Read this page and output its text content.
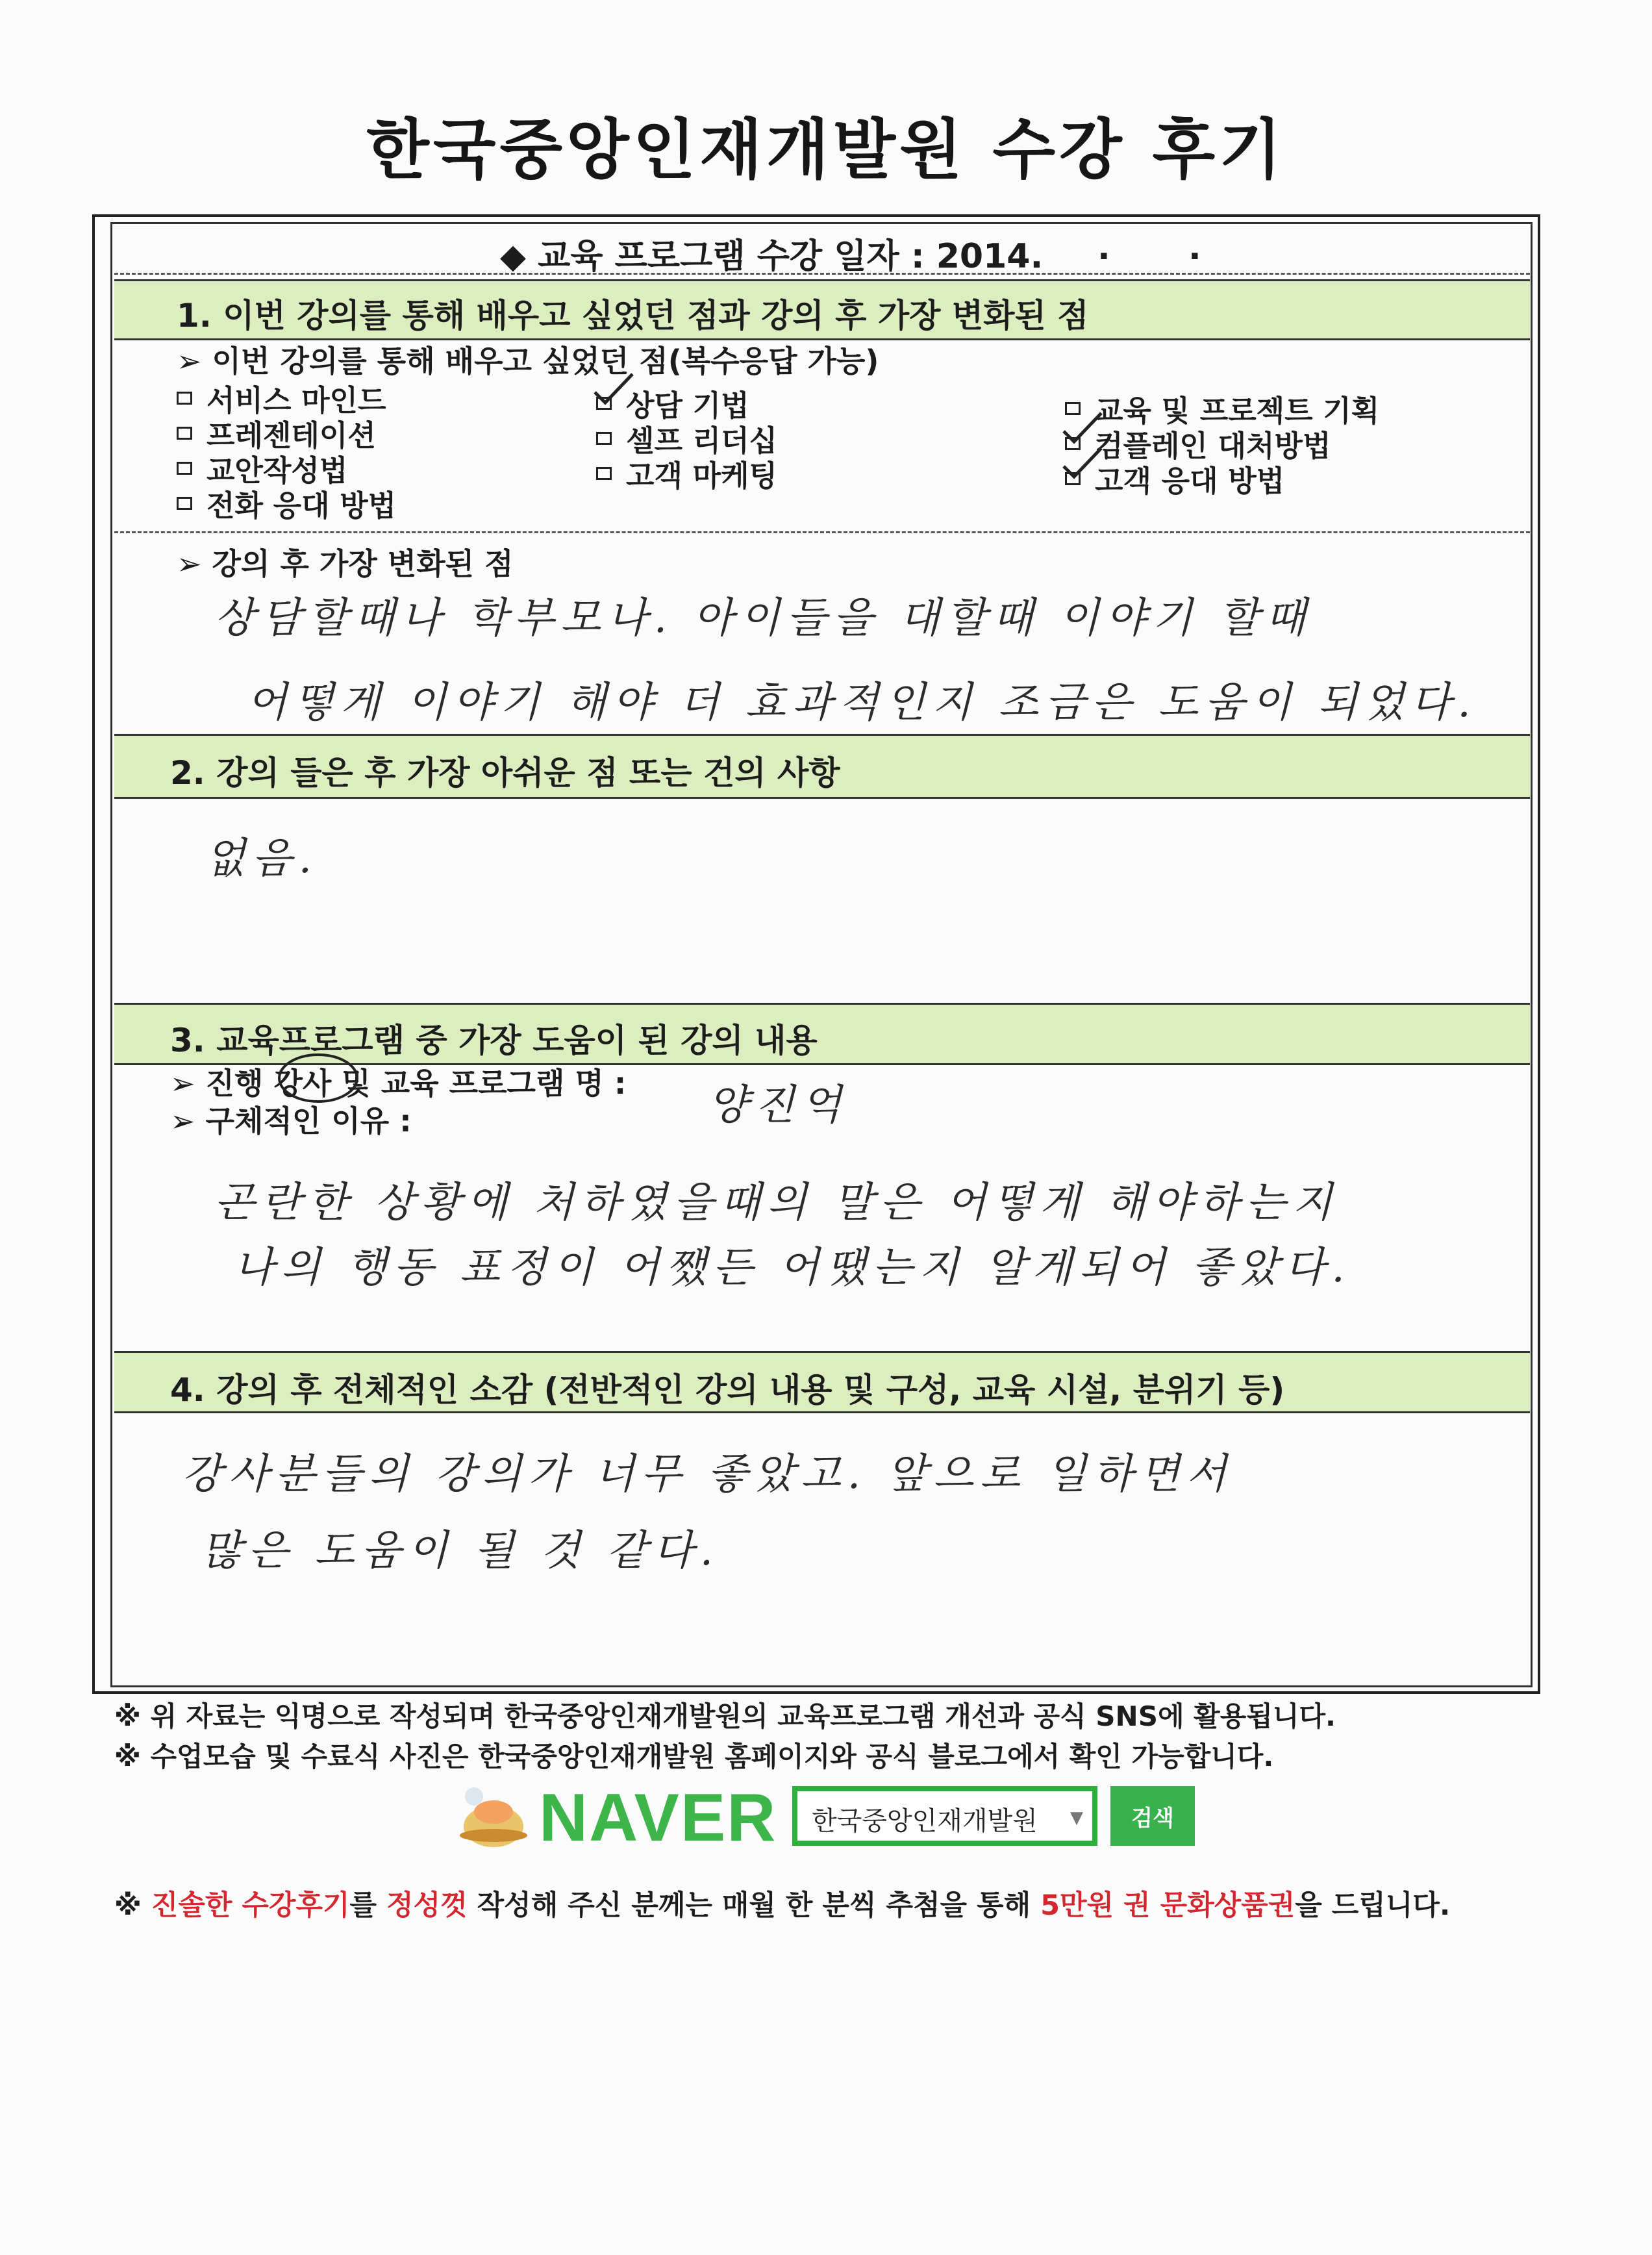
한국중앙인재개발원 수강 후기
◆ 교육 프로그램 수강 일자 : 2014. . .
1. 이번 강의를 통해 배우고 싶었던 점과 강의 후 가장 변화된 점
➢ 이번 강의를 통해 배우고 싶었던 점(복수응답 가능)
서비스 마인드
프레젠테이션
교안작성법
전화 응대 방법
상담 기법
셀프 리더십
고객 마케팅
교육 및 프로젝트 기획
컴플레인 대처방법
고객 응대 방법
➢ 강의 후 가장 변화된 점
상담할때나 학부모나. 아이들을 대할때 이야기 할때
어떻게 이야기 해야 더 효과적인지 조금은 도움이 되었다.
2. 강의 들은 후 가장 아쉬운 점 또는 건의 사항
없음.
3. 교육프로그램 중 가장 도움이 된 강의 내용
➢ 진행 강사 및 교육 프로그램 명 : 양진억
➢ 구체적인 이유 :
곤란한 상황에 처하였을때의 말은 어떻게 해야하는지
나의 행동 표정이 어쨌든 어땠는지 알게되어 좋았다.
4. 강의 후 전체적인 소감 (전반적인 강의 내용 및 구성, 교육 시설, 분위기 등)
강사분들의 강의가 너무 좋았고. 앞으로 일하면서
많은 도움이 될 것 같다.
※ 위 자료는 익명으로 작성되며 한국중앙인재개발원의 교육프로그램 개선과 공식 SNS에 활용됩니다.
※ 수업모습 및 수료식 사진은 한국중앙인재개발원 홈페이지와 공식 블로그에서 확인 가능합니다.
NAVER 한국중앙인재개발원 ▼	검색
※ 진솔한 수강후기를 정성껏 작성해 주신 분께는 매월 한 분씩 추첨을 통해 5만원 권 문화상품권을 드립니다.
